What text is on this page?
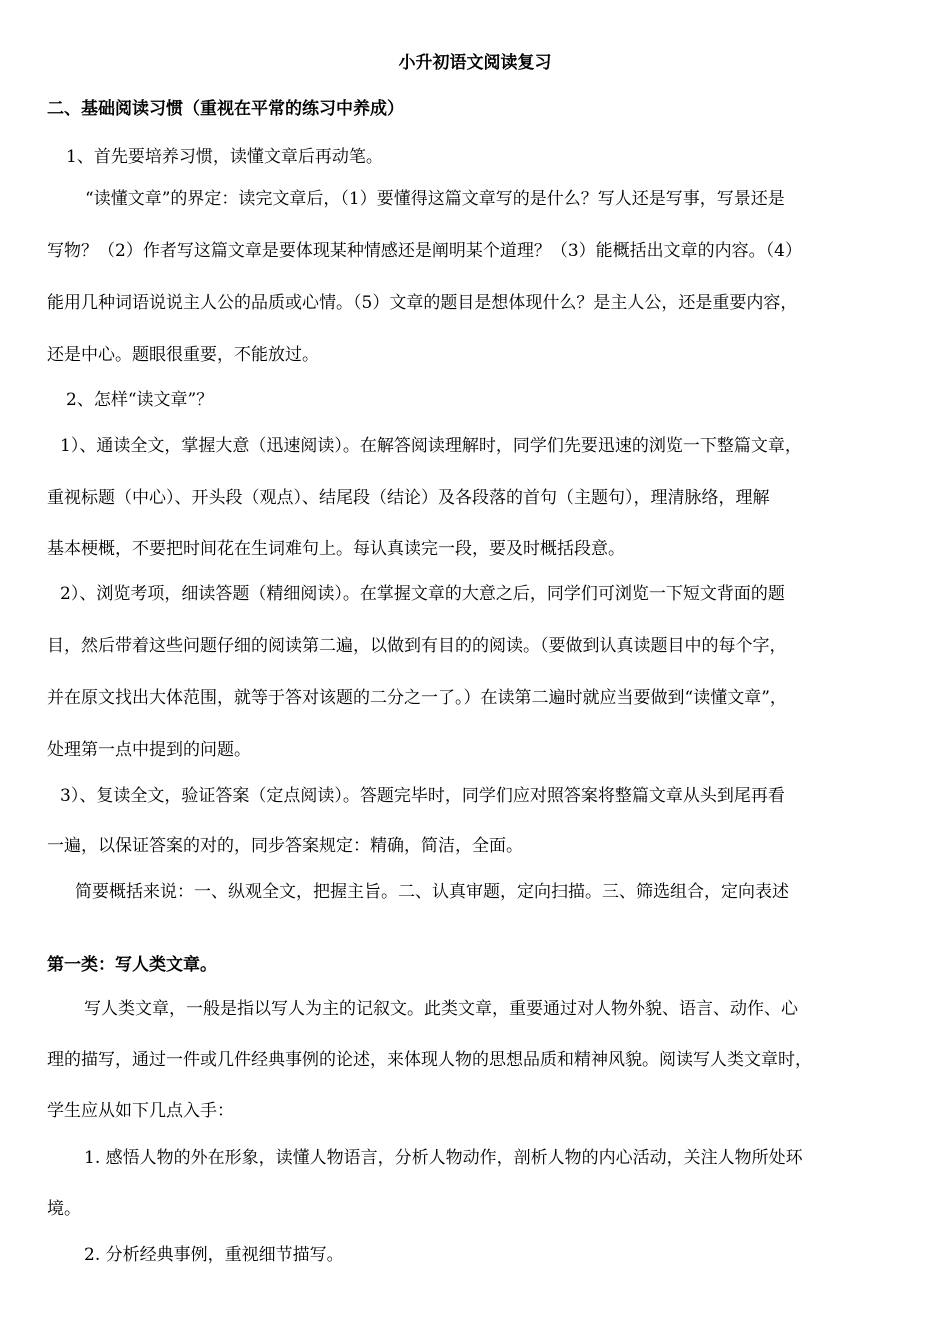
小升初语文阅读复习
二、基础阅读习惯（重视在平常的练习中养成）
1、首先要培养习惯，读懂文章后再动笔。
“读懂文章”的界定：读完文章后，（1）要懂得这篇文章写的是什么？写人还是写事，写景还是
写物？（2）作者写这篇文章是要体现某种情感还是阐明某个道理？（3）能概括出文章的内容。（4）
能用几种词语说说主人公的品质或心情。（5）文章的题目是想体现什么？是主人公，还是重要内容，
还是中心。题眼很重要，不能放过。
2、怎样“读文章”？
1）、通读全文，掌握大意（迅速阅读）。在解答阅读理解时，同学们先要迅速的浏览一下整篇文章，
重视标题（中心）、开头段（观点）、结尾段（结论）及各段落的首句（主题句），理清脉络，理解
基本梗概，不要把时间花在生词难句上。每认真读完一段，要及时概括段意。
2）、浏览考项，细读答题（精细阅读）。在掌握文章的大意之后，同学们可浏览一下短文背面的题
目，然后带着这些问题仔细的阅读第二遍，以做到有目的的阅读。（要做到认真读题目中的每个字，
并在原文找出大体范围，就等于答对该题的二分之一了。）在读第二遍时就应当要做到“读懂文章”，
处理第一点中提到的问题。
3）、复读全文，验证答案（定点阅读）。答题完毕时，同学们应对照答案将整篇文章从头到尾再看
一遍，以保证答案的对的，同步答案规定：精确，简洁，全面。
简要概括来说：一、纵观全文，把握主旨。二、认真审题，定向扫描。三、筛选组合，定向表述
第一类：写人类文章。
写人类文章，一般是指以写人为主的记叙文。此类文章，重要通过对人物外貌、语言、动作、心
理的描写，通过一件或几件经典事例的论述，来体现人物的思想品质和精神风貌。阅读写人类文章时，
学生应从如下几点入手：
1. 感悟人物的外在形象，读懂人物语言，分析人物动作，剖析人物的内心活动，关注人物所处环
境。
2. 分析经典事例，重视细节描写。
